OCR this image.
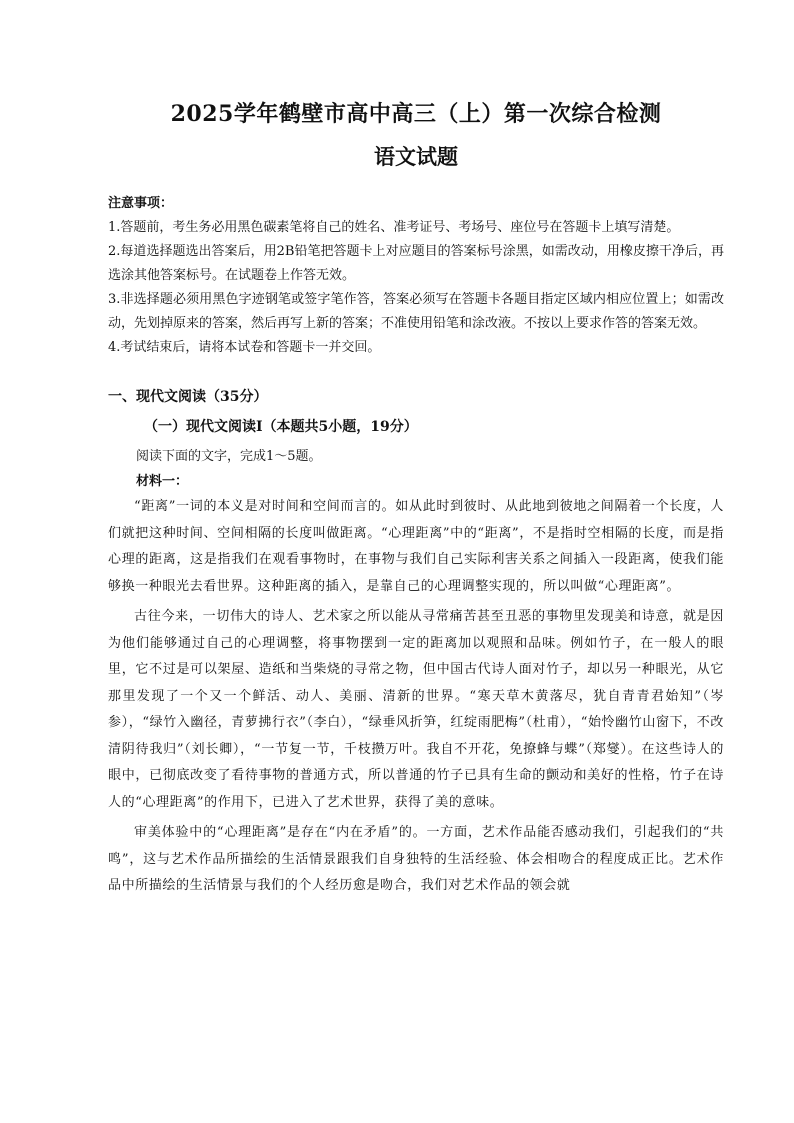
2025学年鹤壁市高中高三（上）第一次综合检测
语文试题
注意事项：
1.答题前，考生务必用黑色碳素笔将自己的姓名、准考证号、考场号、座位号在答题卡上填写清楚。
2.每道选择题选出答案后，用2B铅笔把答题卡上对应题目的答案标号涂黑，如需改动，用橡皮擦干净后，再选涂其他答案标号。在试题卷上作答无效。
3.非选择题必须用黑色字迹钢笔或签字笔作答，答案必须写在答题卡各题目指定区域内相应位置上；如需改动，先划掉原来的答案，然后再写上新的答案；不准使用铅笔和涂改液。不按以上要求作答的答案无效。
4.考试结束后，请将本试卷和答题卡一并交回。
一、现代文阅读（35分）
（一）现代文阅读Ⅰ（本题共5小题，19分）
阅读下面的文字，完成1～5题。
材料一：

“距离”一词的本义是对时间和空间而言的。如从此时到彼时、从此地到彼地之间隔着一个长度，人们就把这种时间、空间相隔的长度叫做距离。“心理距离”中的“距离”，不是指时空相隔的长度，而是指心理的距离，这是指我们在观看事物时，在事物与我们自己实际利害关系之间插入一段距离，使我们能够换一种眼光去看世界。这种距离的插入，是靠自己的心理调整实现的，所以叫做“心理距离”。

古往今来，一切伟大的诗人、艺术家之所以能从寻常痛苦甚至丑恶的事物里发现美和诗意，就是因为他们能够通过自己的心理调整，将事物摆到一定的距离加以观照和品味。例如竹子，在一般人的眼里，它不过是可以架屋、造纸和当柴烧的寻常之物，但中国古代诗人面对竹子，却以另一种眼光，从它那里发现了一个又一个鲜活、动人、美丽、清新的世界。“寒天草木黄落尽，犹自青青君始知”（岑参），“绿竹入幽径，青萝拂行衣”（李白），“绿垂风折笋，红绽雨肥梅”（杜甫），“始怜幽竹山窗下，不改清阴待我归”（刘长卿），“一节复一节，千枝攒万叶。我自不开花，免撩蜂与蝶”（郑燮）。在这些诗人的眼中，已彻底改变了看待事物的普通方式，所以普通的竹子已具有生命的颤动和美好的性格，竹子在诗人的“心理距离”的作用下，已进入了艺术世界，获得了美的意味。

审美体验中的“心理距离”是存在“内在矛盾”的。一方面，艺术作品能否感动我们，引起我们的“共鸣”，这与艺术作品所描绘的生活情景跟我们自身独特的生活经验、体会相吻合的程度成正比。艺术作品中所描绘的生活情景与我们的个人经历愈是吻合，我们对艺术作品的领会就
